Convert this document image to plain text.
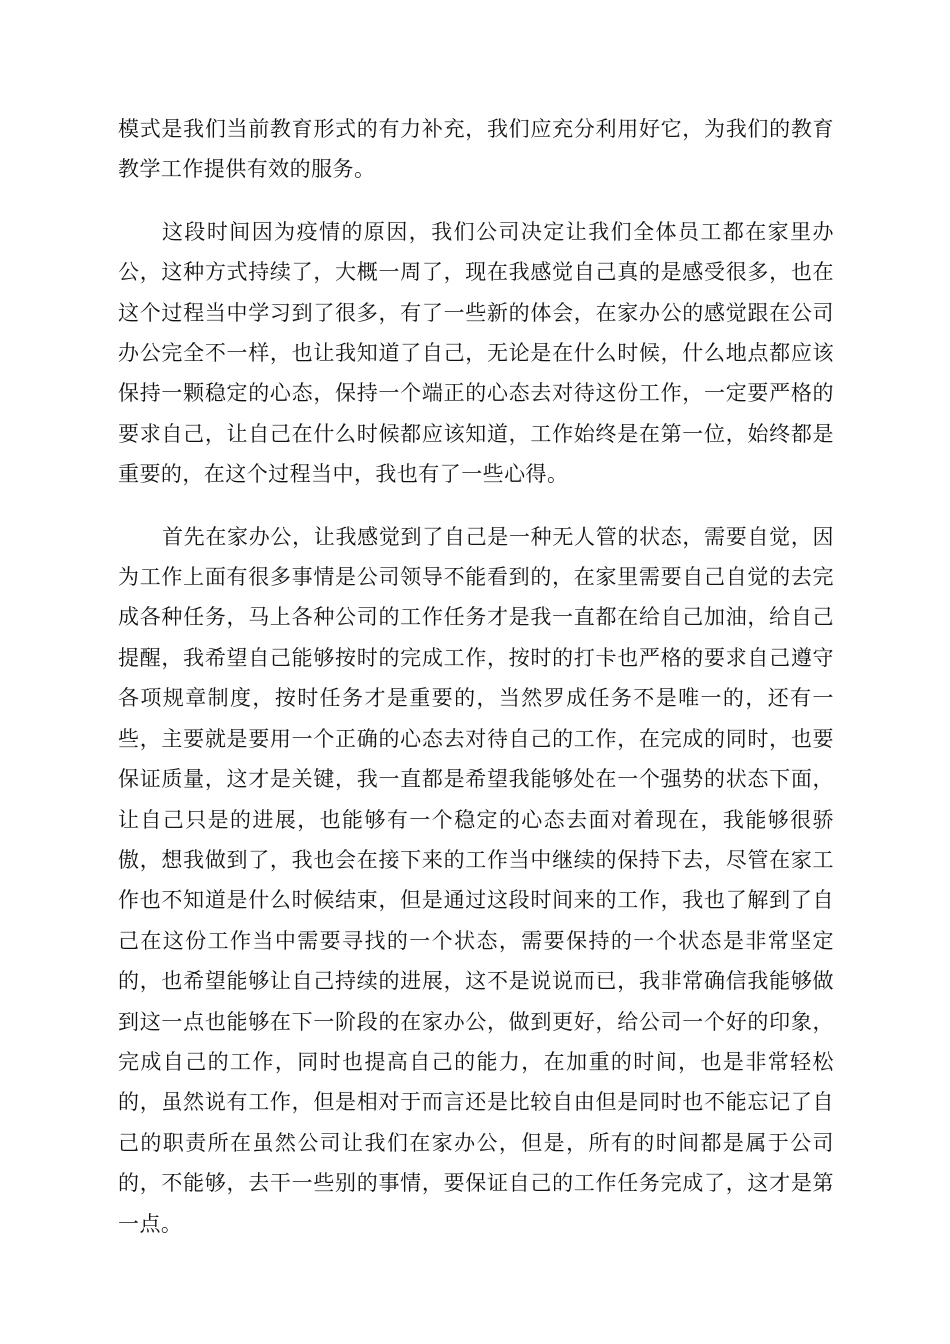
模式是我们当前教育形式的有力补充，我们应充分利用好它，为我们的教育教学工作提供有效的服务。

这段时间因为疫情的原因，我们公司决定让我们全体员工都在家里办公，这种方式持续了，大概一周了，现在我感觉自己真的是感受很多，也在这个过程当中学习到了很多，有了一些新的体会，在家办公的感觉跟在公司办公完全不一样，也让我知道了自己，无论是在什么时候，什么地点都应该保持一颗稳定的心态，保持一个端正的心态去对待这份工作，一定要严格的要求自己，让自己在什么时候都应该知道，工作始终是在第一位，始终都是重要的，在这个过程当中，我也有了一些心得。

首先在家办公，让我感觉到了自己是一种无人管的状态，需要自觉，因为工作上面有很多事情是公司领导不能看到的，在家里需要自己自觉的去完成各种任务，马上各种公司的工作任务才是我一直都在给自己加油，给自己提醒，我希望自己能够按时的完成工作，按时的打卡也严格的要求自己遵守各项规章制度，按时任务才是重要的，当然罗成任务不是唯一的，还有一些，主要就是要用一个正确的心态去对待自己的工作，在完成的同时，也要保证质量，这才是关键，我一直都是希望我能够处在一个强势的状态下面，让自己只是的进展，也能够有一个稳定的心态去面对着现在，我能够很骄傲，想我做到了，我也会在接下来的工作当中继续的保持下去，尽管在家工作也不知道是什么时候结束，但是通过这段时间来的工作，我也了解到了自己在这份工作当中需要寻找的一个状态，需要保持的一个状态是非常坚定的，也希望能够让自己持续的进展，这不是说说而已，我非常确信我能够做到这一点也能够在下一阶段的在家办公，做到更好，给公司一个好的印象，完成自己的工作，同时也提高自己的能力，在加重的时间，也是非常轻松的，虽然说有工作，但是相对于而言还是比较自由但是同时也不能忘记了自己的职责所在虽然公司让我们在家办公，但是，所有的时间都是属于公司的，不能够，去干一些别的事情，要保证自己的工作任务完成了，这才是第一点。
